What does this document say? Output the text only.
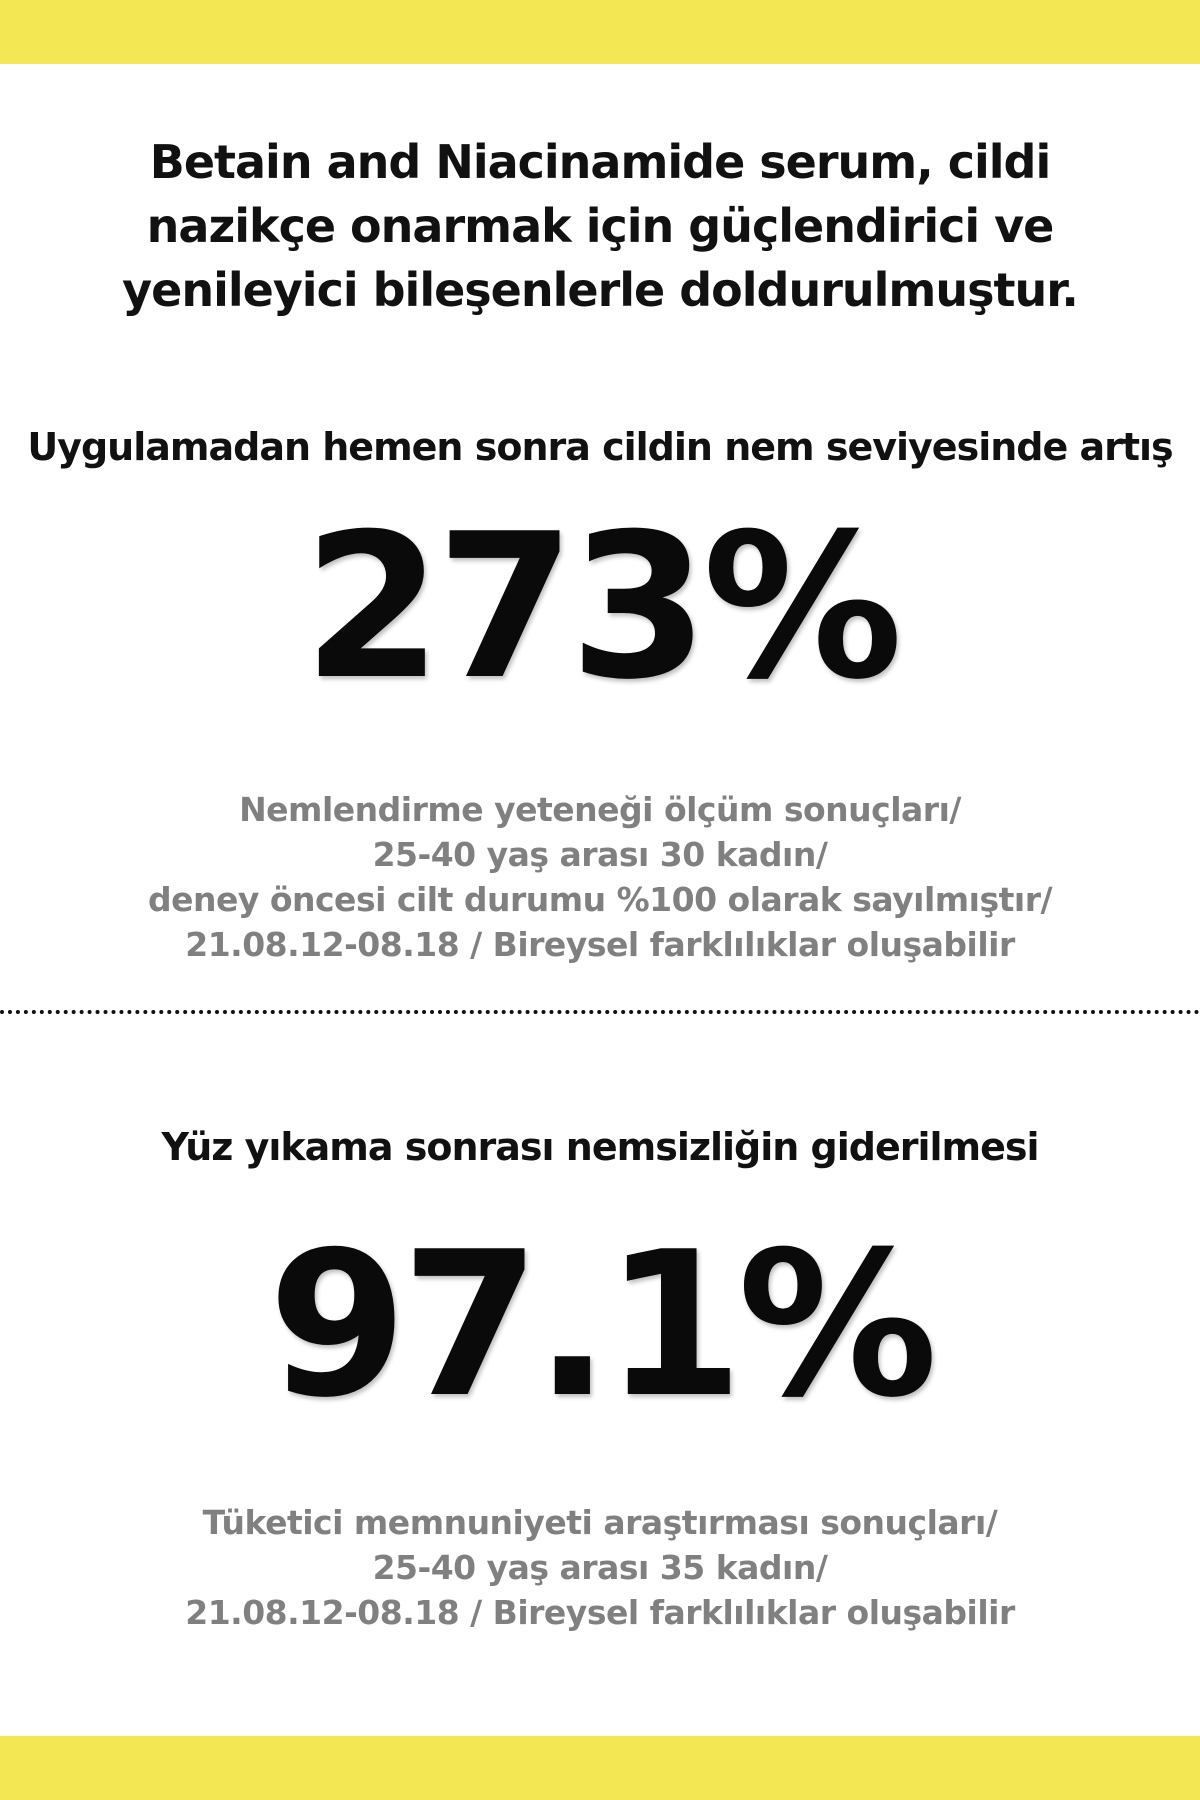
Betain and Niacinamide serum, cildi
nazikçe onarmak için güçlendirici ve
yenileyici bileşenlerle doldurulmuştur.
Uygulamadan hemen sonra cildin nem seviyesinde artış
273%
Nemlendirme yeteneği ölçüm sonuçları/
25-40 yaş arası 30 kadın/
deney öncesi cilt durumu %100 olarak sayılmıştır/
21.08.12-08.18 / Bireysel farklılıklar oluşabilir
Yüz yıkama sonrası nemsizliğin giderilmesi
97.1%
Tüketici memnuniyeti araştırması sonuçları/
25-40 yaş arası 35 kadın/
21.08.12-08.18 / Bireysel farklılıklar oluşabilir
